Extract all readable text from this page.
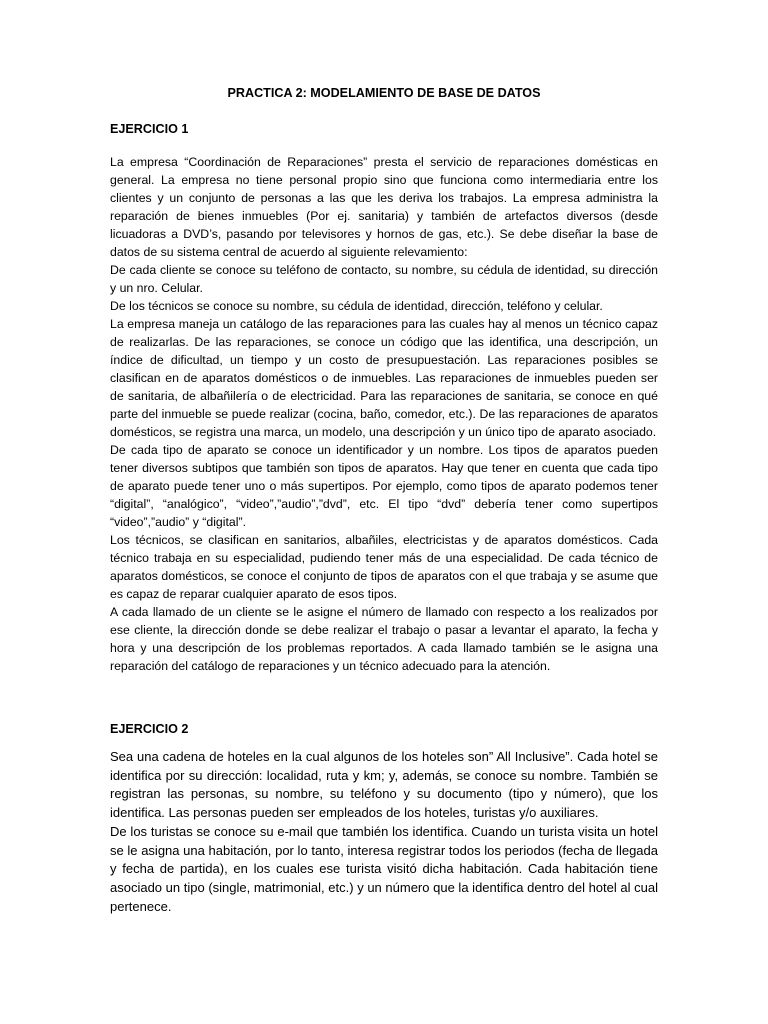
PRACTICA 2: MODELAMIENTO DE BASE DE DATOS
EJERCICIO 1

La empresa “Coordinación de Reparaciones” presta el servicio de reparaciones domésticas en general. La empresa no tiene personal propio sino que funciona como intermediaria entre los clientes y un conjunto de personas a las que les deriva los trabajos. La empresa administra la reparación de bienes inmuebles (Por ej. sanitaria) y también de artefactos diversos (desde licuadoras a DVD’s, pasando por televisores y hornos de gas, etc.). Se debe diseñar la base de datos de su sistema central de acuerdo al siguiente relevamiento:

De cada cliente se conoce su teléfono de contacto, su nombre, su cédula de identidad, su dirección y un nro. Celular.

De los técnicos se conoce su nombre, su cédula de identidad, dirección, teléfono y celular.

La empresa maneja un catálogo de las reparaciones para las cuales hay al menos un técnico capaz de realizarlas. De las reparaciones, se conoce un código que las identifica, una descripción, un índice de dificultad, un tiempo y un costo de presupuestación. Las reparaciones posibles se clasifican en de aparatos domésticos o de inmuebles. Las reparaciones de inmuebles pueden ser de sanitaria, de albañilería o de electricidad. Para las reparaciones de sanitaria, se conoce en qué parte del inmueble se puede realizar (cocina, baño, comedor, etc.). De las reparaciones de aparatos domésticos, se registra una marca, un modelo, una descripción y un único tipo de aparato asociado.

De cada tipo de aparato se conoce un identificador y un nombre. Los tipos de aparatos pueden tener diversos subtipos que también son tipos de aparatos. Hay que tener en cuenta que cada tipo de aparato puede tener uno o más supertipos. Por ejemplo, como tipos de aparato podemos tener “digital”, “analógico”, “video”,”audio”,”dvd”, etc. El tipo “dvd” debería tener como supertipos “video”,”audio” y “digital”.

Los técnicos, se clasifican en sanitarios, albañiles, electricistas y de aparatos domésticos. Cada técnico trabaja en su especialidad, pudiendo tener más de una especialidad. De cada técnico de aparatos domésticos, se conoce el conjunto de tipos de aparatos con el que trabaja y se asume que es capaz de reparar cualquier aparato de esos tipos.

A cada llamado de un cliente se le asigne el número de llamado con respecto a los realizados por ese cliente, la dirección donde se debe realizar el trabajo o pasar a levantar el aparato, la fecha y hora y una descripción de los problemas reportados. A cada llamado también se le asigna una reparación del catálogo de reparaciones y un técnico adecuado para la atención.

EJERCICIO 2

Sea una cadena de hoteles en la cual algunos de los hoteles son” All Inclusive”. Cada hotel se identifica por su dirección: localidad, ruta y km; y, además, se conoce su nombre. También se registran las personas, su nombre, su teléfono y su documento (tipo y número), que los identifica. Las personas pueden ser empleados de los hoteles, turistas y/o auxiliares.

De los turistas se conoce su e-mail que también los identifica. Cuando un turista visita un hotel se le asigna una habitación, por lo tanto, interesa registrar todos los periodos (fecha de llegada y fecha de partida), en los cuales ese turista visitó dicha habitación. Cada habitación tiene asociado un tipo (single, matrimonial, etc.) y un número que la identifica dentro del hotel al cual pertenece.
